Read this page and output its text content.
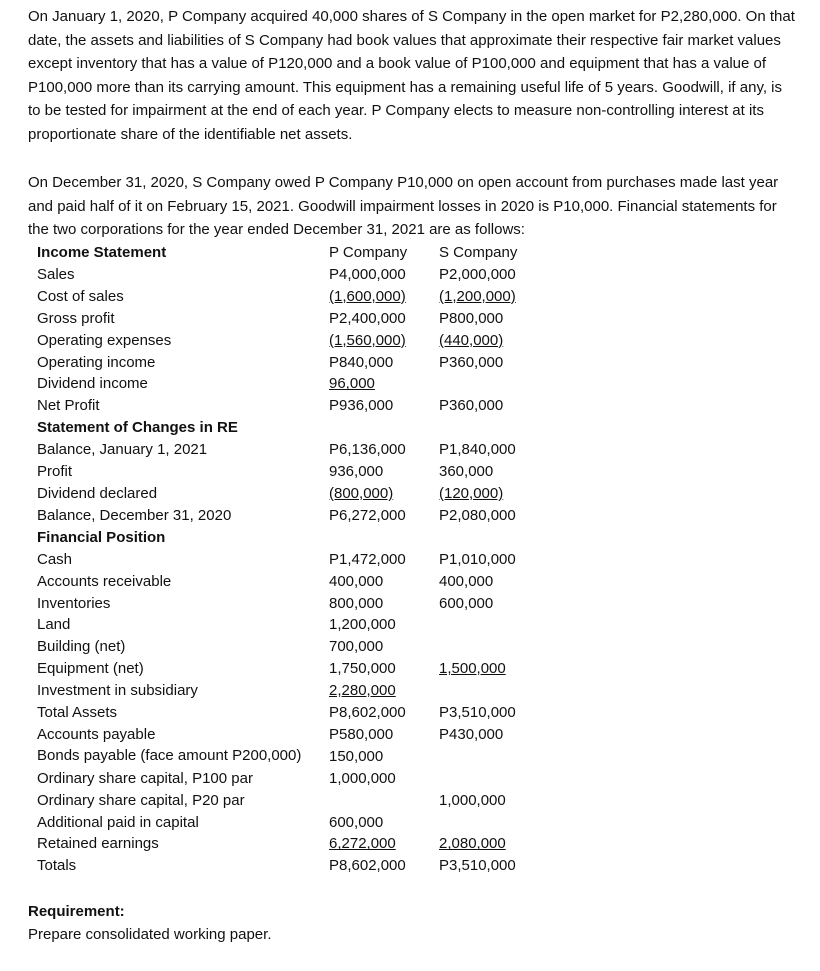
On January 1, 2020, P Company acquired 40,000 shares of S Company in the open market for P2,280,000. On that date, the assets and liabilities of S Company had book values that approximate their respective fair market values except inventory that has a value of P120,000 and a book value of P100,000 and equipment that has a value of P100,000 more than its carrying amount. This equipment has a remaining useful life of 5 years. Goodwill, if any, is to be tested for impairment at the end of each year. P Company elects to measure non-controlling interest at its proportionate share of the identifiable net assets.

On December 31, 2020, S Company owed P Company P10,000 on open account from purchases made last year and paid half of it on February 15, 2021. Goodwill impairment losses in 2020 is P10,000. Financial statements for the two corporations for the year ended December 31, 2021 are as follows:

Income Statement	P Company	S Company
Sales	P4,000,000	P2,000,000
Cost of sales	(1,600,000)	(1,200,000)
Gross profit	P2,400,000	P800,000
Operating expenses	(1,560,000)	(440,000)
Operating income	P840,000	P360,000
Dividend income	96,000	
Net Profit	P936,000	P360,000
Statement of Changes in RE		
Balance, January 1, 2021	P6,136,000	P1,840,000
Profit	936,000	360,000
Dividend declared	(800,000)	(120,000)
Balance, December 31, 2020	P6,272,000	P2,080,000
Financial Position		
Cash	P1,472,000	P1,010,000
Accounts receivable	400,000	400,000
Inventories	800,000	600,000
Land	1,200,000	
Building (net)	700,000	
Equipment (net)	1,750,000	1,500,000
Investment in subsidiary	2,280,000	
Total Assets	P8,602,000	P3,510,000
Accounts payable	P580,000	P430,000
Bonds payable (face amount P200,000)	150,000	
Ordinary share capital, P100 par	1,000,000	
Ordinary share capital, P20 par		1,000,000
Additional paid in capital	600,000	
Retained earnings	6,272,000	2,080,000
Totals	P8,602,000	P3,510,000

Requirement:

Prepare consolidated working paper.
